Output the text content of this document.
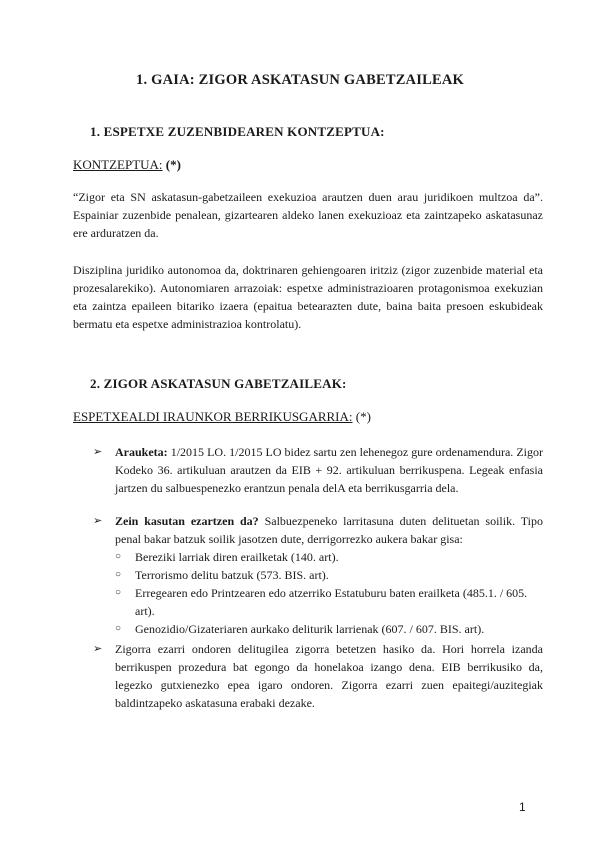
1. GAIA: ZIGOR ASKATASUN GABETZAILEAK
1. ESPETXE ZUZENBIDEAREN KONTZEPTUA:
KONTZEPTUA: (*)
“Zigor eta SN askatasun-gabetzaileen exekuzioa arautzen duen arau juridikoen multzoa da”. Espainiar zuzenbide penalean, gizartearen aldeko lanen exekuzioaz eta zaintzapeko askatasunaz ere arduratzen da.
Disziplina juridiko autonomoa da, doktrinaren gehiengoaren iritziz (zigor zuzenbide material eta prozesalarekiko). Autonomiaren arrazoiak: espetxe administrazioaren protagonismoa exekuzian eta zaintza epaileen bitariko izaera (epaitua betearazten dute, baina baita presoen eskubideak bermatu eta espetxe administrazioa kontrolatu).
2. ZIGOR ASKATASUN GABETZAILEAK:
ESPETXEALDI IRAUNKOR BERRIKUSGARRIA: (*)
➢	Arauketa: 1/2015 LO. 1/2015 LO bidez sartu zen lehenegoz gure ordenamendura. Zigor Kodeko 36. artikuluan arautzen da EIB + 92. artikuluan berrikuspena. Legeak enfasia jartzen du salbuespenezko erantzun penala delA eta berrikusgarria dela.
➢	Zein kasutan ezartzen da? Salbuezpeneko larritasuna duten delituetan soilik. Tipo penal bakar batzuk soilik jasotzen dute, derrigorrezko aukera bakar gisa:
○ Bereziki larriak diren erailketak (140. art).
○ Terrorismo delitu batzuk (573. BIS. art).
○ Erregearen edo Printzearen edo atzerriko Estatuburu baten erailketa (485.1. / 605. art).
○ Genozidio/Gizateriaren aurkako deliturik larrienak (607. / 607. BIS. art).
➢	Zigorra ezarri ondoren delitugilea zigorra betetzen hasiko da. Hori horrela izanda berrikuspen prozedura bat egongo da honelakoa izango dena. EIB berrikusiko da, legezko gutxienezko epea igaro ondoren. Zigorra ezarri zuen epaitegi/auzitegiak baldintzapeko askatasuna erabaki dezake.
1
